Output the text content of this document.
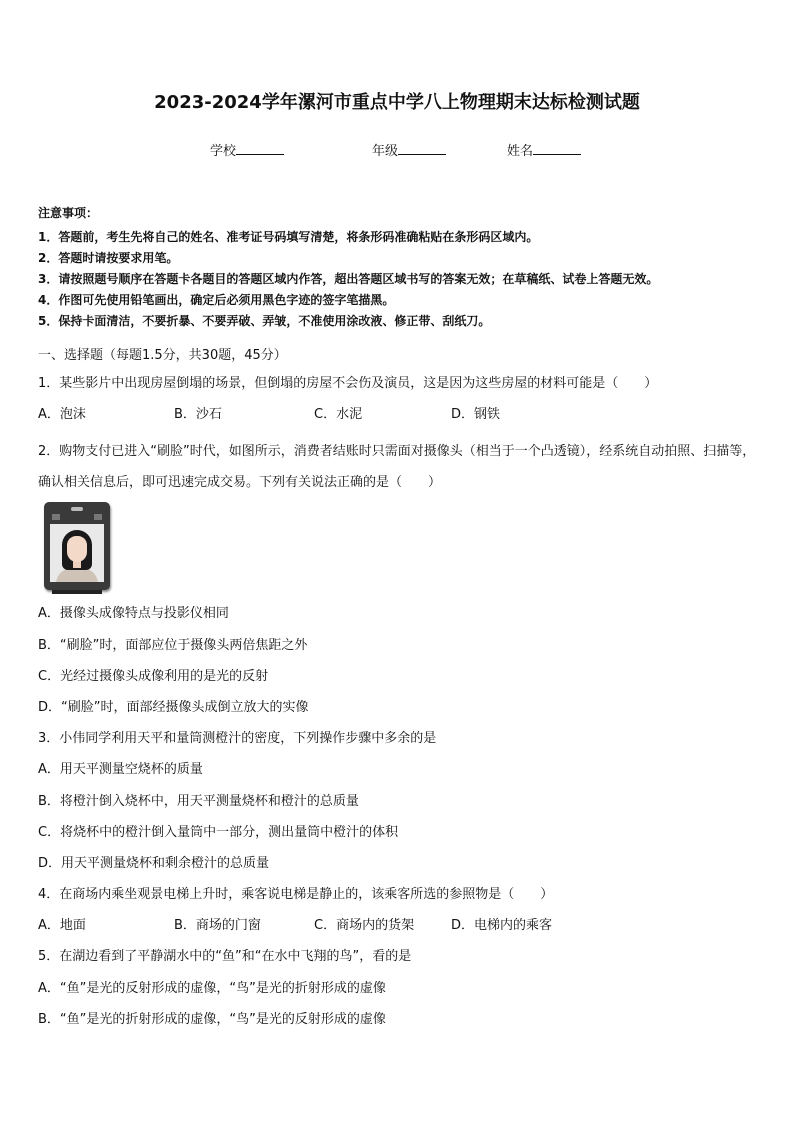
2023-2024学年漯河市重点中学八上物理期末达标检测试题
学校	年级	姓名
注意事项：
1．答题前，考生先将自己的姓名、准考证号码填写清楚，将条形码准确粘贴在条形码区域内。
2．答题时请按要求用笔。
3．请按照题号顺序在答题卡各题目的答题区域内作答，超出答题区域书写的答案无效；在草稿纸、试卷上答题无效。
4．作图可先使用铅笔画出，确定后必须用黑色字迹的签字笔描黑。
5．保持卡面清洁，不要折暴、不要弄破、弄皱，不准使用涂改液、修正带、刮纸刀。
一、选择题（每题1.5分，共30题，45分）
1．某些影片中出现房屋倒塌的场景，但倒塌的房屋不会伤及演员，这是因为这些房屋的材料可能是（　　）
A．泡沫	B．沙石	C．水泥	D．钢铁
2．购物支付已进入“刷脸”时代，如图所示，消费者结账时只需面对摄像头（相当于一个凸透镜），经系统自动拍照、扫描等，确认相关信息后，即可迅速完成交易。下列有关说法正确的是（　　）
A．摄像头成像特点与投影仪相同
B．“刷脸”时，面部应位于摄像头两倍焦距之外
C．光经过摄像头成像利用的是光的反射
D．“刷脸”时，面部经摄像头成倒立放大的实像
3．小伟同学利用天平和量筒测橙汁的密度，下列操作步骤中多余的是
A．用天平测量空烧杯的质量
B．将橙汁倒入烧杯中，用天平测量烧杯和橙汁的总质量
C．将烧杯中的橙汁倒入量筒中一部分，测出量筒中橙汁的体积
D．用天平测量烧杯和剩余橙汁的总质量
4．在商场内乘坐观景电梯上升时，乘客说电梯是静止的，该乘客所选的参照物是（　　）
A．地面	B．商场的门窗	C．商场内的货架	D．电梯内的乘客
5．在湖边看到了平静湖水中的“鱼”和“在水中飞翔的鸟”，看的是
A．“鱼”是光的反射形成的虚像，“鸟”是光的折射形成的虚像
B．“鱼”是光的折射形成的虚像，“鸟”是光的反射形成的虚像
